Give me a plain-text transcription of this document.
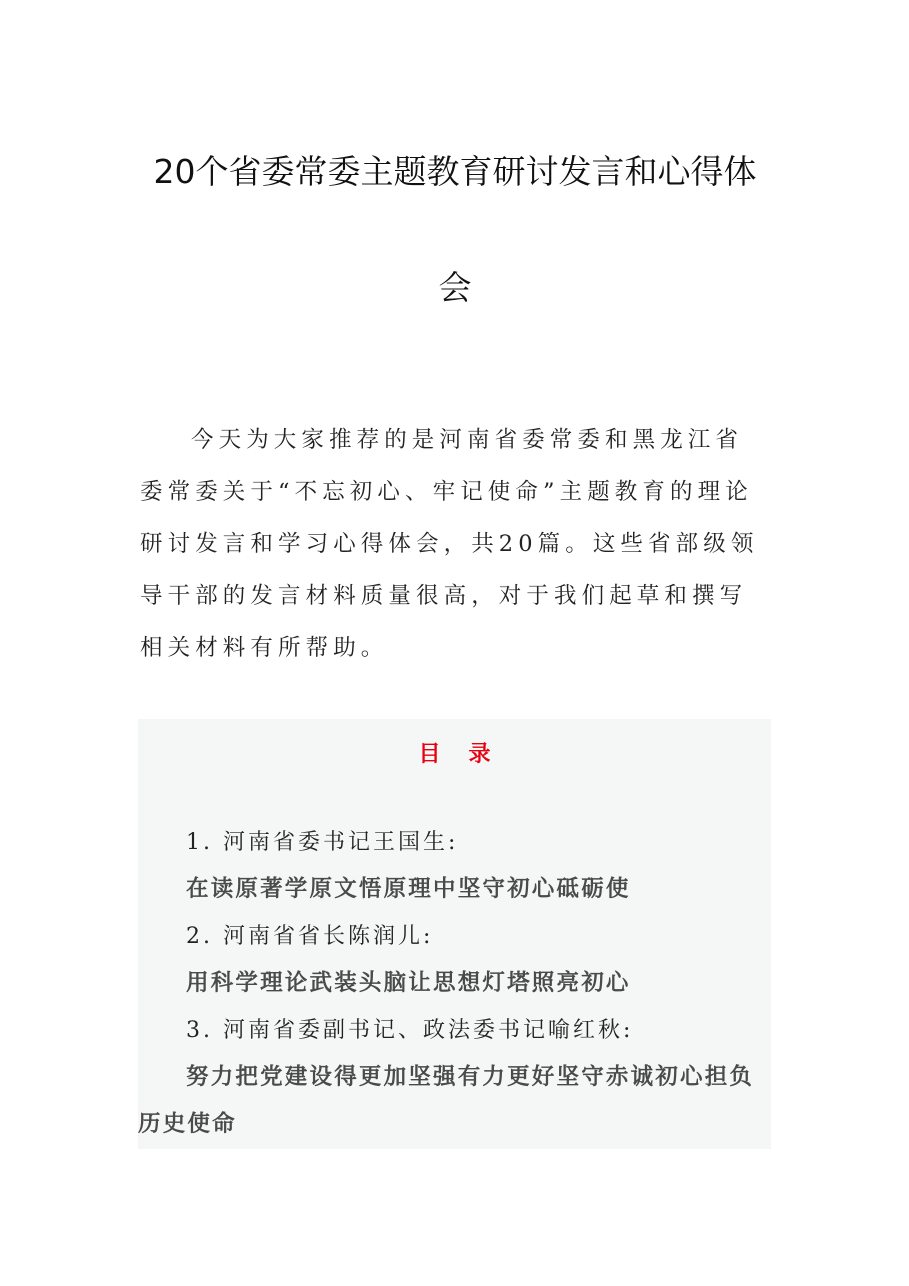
20个省委常委主题教育研讨发言和心得体
会

今天为大家推荐的是河南省委常委和黑龙江省委常委关于“不忘初心、牢记使命”主题教育的理论研讨发言和学习心得体会，共20篇。这些省部级领导干部的发言材料质量很高，对于我们起草和撰写相关材料有所帮助。

目录
1. 河南省委书记王国生:
在读原著学原文悟原理中坚守初心砥砺使
2. 河南省省长陈润儿:
用科学理论武装头脑让思想灯塔照亮初心
3. 河南省委副书记、政法委书记喻红秋:
努力把党建设得更加坚强有力更好坚守赤诚初心担负历史使命
